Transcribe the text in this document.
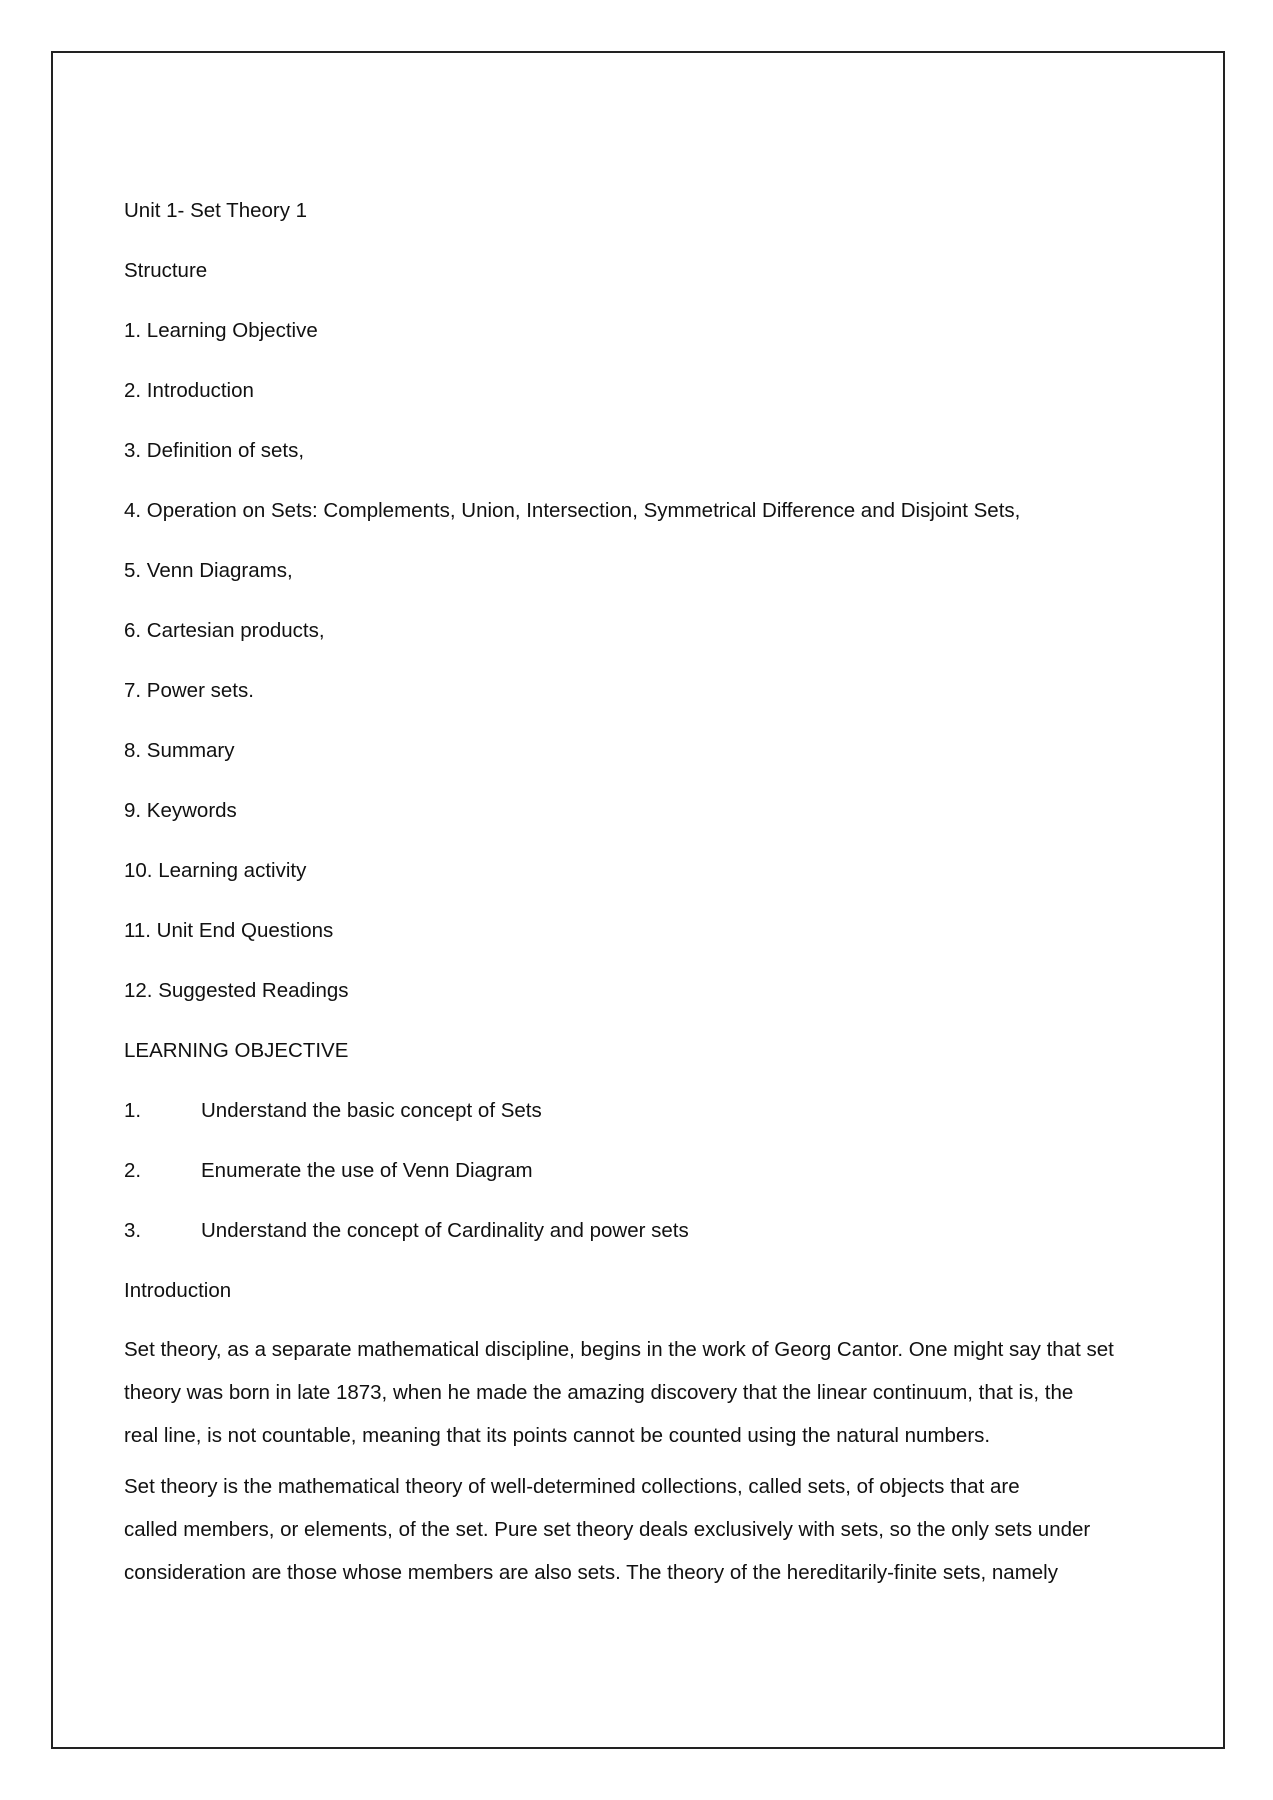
Unit 1- Set Theory 1
Structure
1. Learning Objective
2. Introduction
3. Definition of sets,
4. Operation on Sets: Complements, Union, Intersection, Symmetrical Difference and Disjoint Sets,
5. Venn Diagrams,
6. Cartesian products,
7. Power sets.
8. Summary
9. Keywords
10. Learning activity
11. Unit End Questions
12. Suggested Readings
LEARNING OBJECTIVE
1.	Understand the basic concept of Sets
2.	Enumerate the use of Venn Diagram
3.	Understand the concept of Cardinality and power sets
Introduction
Set theory, as a separate mathematical discipline, begins in the work of Georg Cantor. One might say that set
theory was born in late 1873, when he made the amazing discovery that the linear continuum, that is, the
real line, is not countable, meaning that its points cannot be counted using the natural numbers.
Set theory is the mathematical theory of well-determined collections, called sets, of objects that are
called members, or elements, of the set. Pure set theory deals exclusively with sets, so the only sets under
consideration are those whose members are also sets. The theory of the hereditarily-finite sets, namely
